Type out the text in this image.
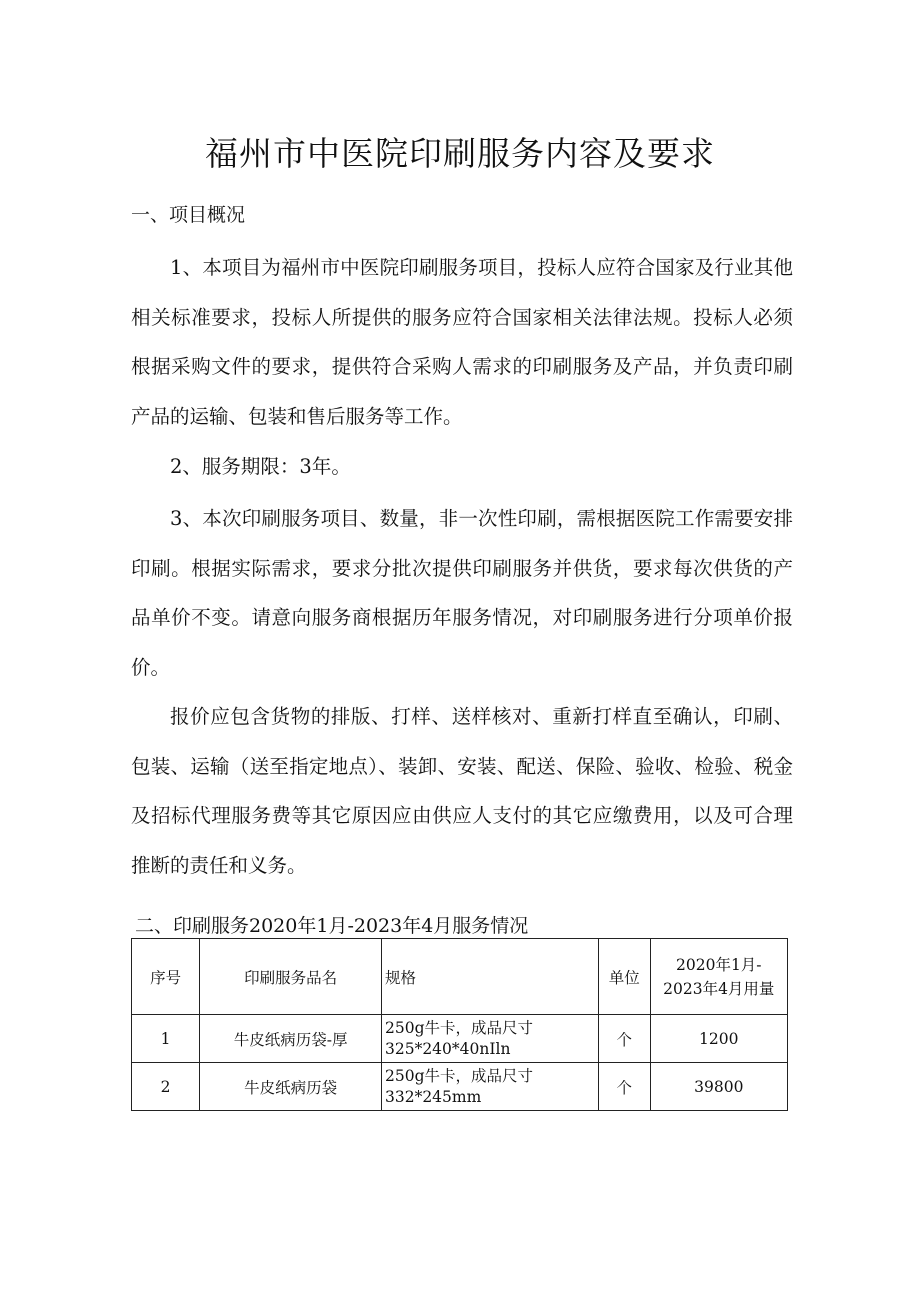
福州市中医院印刷服务内容及要求
一、项目概况

1、本项目为福州市中医院印刷服务项目，投标人应符合国家及行业其他相关标准要求，投标人所提供的服务应符合国家相关法律法规。投标人必须根据采购文件的要求，提供符合采购人需求的印刷服务及产品，并负责印刷产品的运输、包装和售后服务等工作。

2、服务期限：3年。

3、本次印刷服务项目、数量，非一次性印刷，需根据医院工作需要安排印刷。根据实际需求，要求分批次提供印刷服务并供货，要求每次供货的产品单价不变。请意向服务商根据历年服务情况，对印刷服务进行分项单价报价。

报价应包含货物的排版、打样、送样核对、重新打样直至确认，印刷、包装、运输（送至指定地点）、装卸、安装、配送、保险、验收、检验、税金及招标代理服务费等其它原因应由供应人支付的其它应缴费用，以及可合理推断的责任和义务。

二、印刷服务2020年1月-2023年4月服务情况
序号	印刷服务品名	规格	单位	2020年1月-
2023年4月用量

1	牛皮纸病历袋-厚	250g牛卡，成品尺寸
325*240*40nIln	个	1200
2	牛皮纸病历袋	250g牛卡，成品尺寸
332*245mm	个	39800
